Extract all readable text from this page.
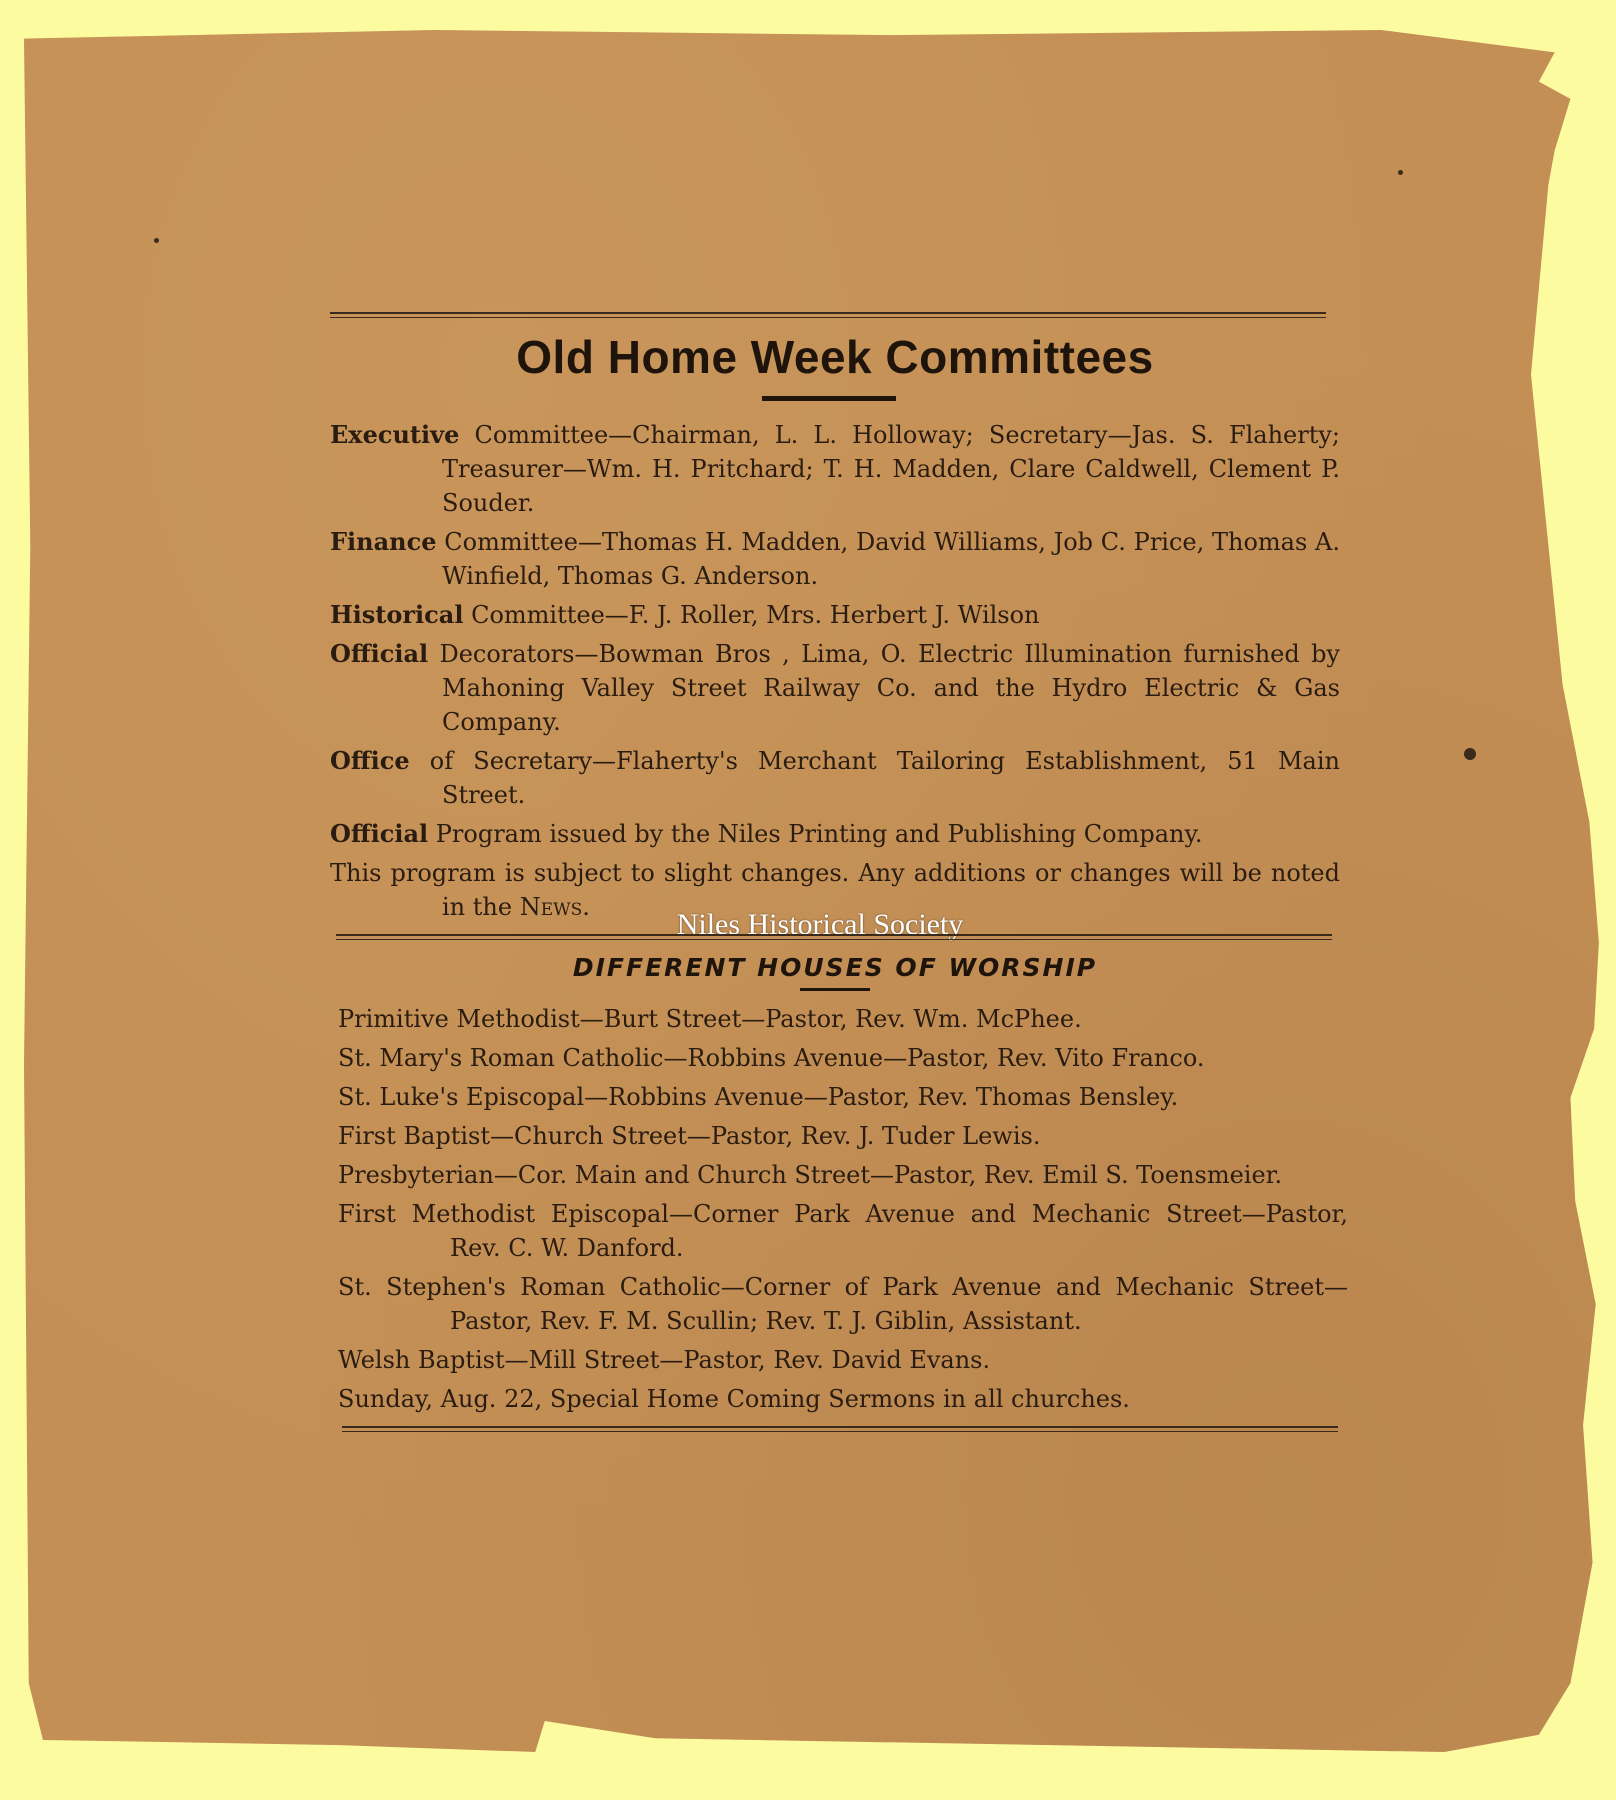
Old Home Week Committees
Executive Committee—Chairman, L. L. Holloway; Secretary—Jas. S. Flaherty; Treasurer—Wm. H. Pritchard; T. H. Madden, Clare Caldwell, Clement P. Souder.
Finance Committee—Thomas H. Madden, David Williams, Job C. Price, Thomas A. Winfield, Thomas G. Anderson.
Historical Committee—F. J. Roller, Mrs. Herbert J. Wilson
Official Decorators—Bowman Bros , Lima, O. Electric Illumination furnished by Mahoning Valley Street Railway Co. and the Hydro Electric & Gas Company.
Office of Secretary—Flaherty's Merchant Tailoring Establishment, 51 Main Street.
Official Program issued by the Niles Printing and Publishing Company.
This program is subject to slight changes. Any additions or changes will be noted in the News.
Niles Historical Society
DIFFERENT HOUSES OF WORSHIP
Primitive Methodist—Burt Street—Pastor, Rev. Wm. McPhee.
St. Mary's Roman Catholic—Robbins Avenue—Pastor, Rev. Vito Franco.
St. Luke's Episcopal—Robbins Avenue—Pastor, Rev. Thomas Bensley.
First Baptist—Church Street—Pastor, Rev. J. Tuder Lewis.
Presbyterian—Cor. Main and Church Street—Pastor, Rev. Emil S. Toensmeier.
First Methodist Episcopal—Corner Park Avenue and Mechanic Street—Pastor, Rev. C. W. Danford.
St. Stephen's Roman Catholic—Corner of Park Avenue and Mechanic Street—Pastor, Rev. F. M. Scullin; Rev. T. J. Giblin, Assistant.
Welsh Baptist—Mill Street—Pastor, Rev. David Evans.
Sunday, Aug. 22, Special Home Coming Sermons in all churches.
